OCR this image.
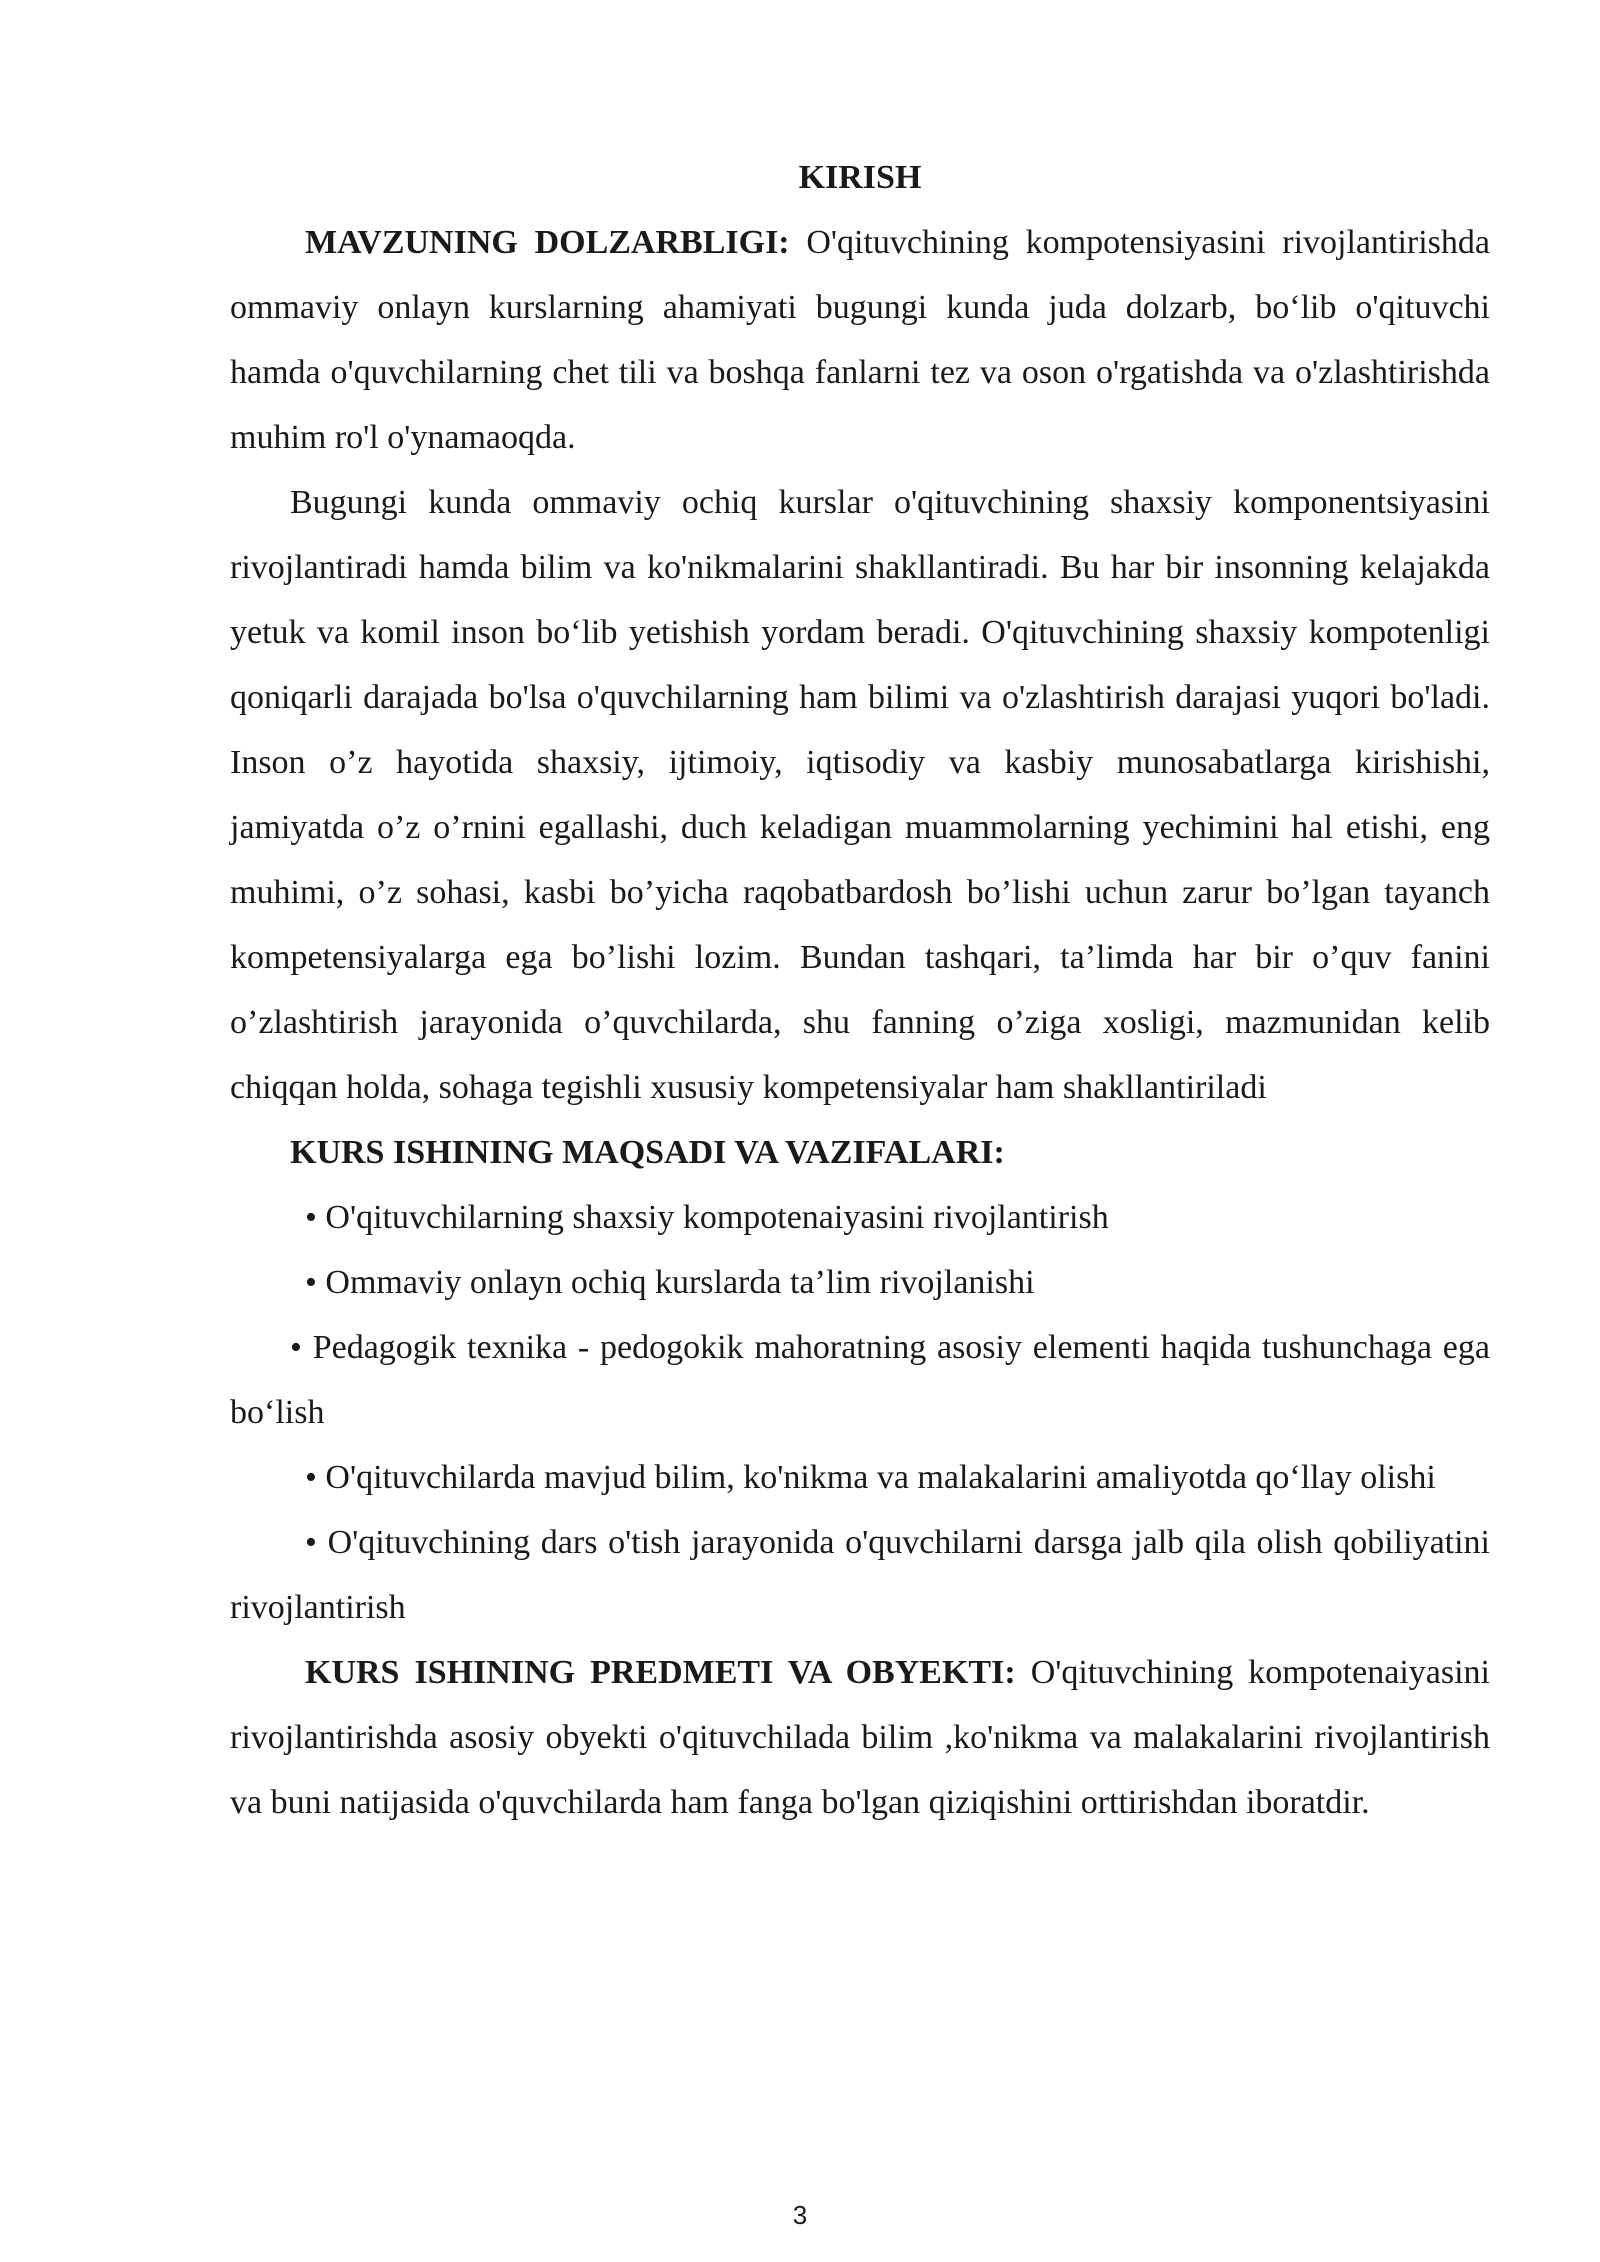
KIRISH

MAVZUNING DOLZARBLIGI: O'qituvchining kompotensiyasini rivojlantirishda ommaviy onlayn kurslarning ahamiyati bugungi kunda juda dolzarb, bo‘lib o'qituvchi hamda o'quvchilarning chet tili va boshqa fanlarni tez va oson o'rgatishda va o'zlashtirishda muhim ro'l o'ynamaoqda.

Bugungi kunda ommaviy ochiq kurslar o'qituvchining shaxsiy komponentsiyasini rivojlantiradi hamda bilim va ko'nikmalarini shakllantiradi. Bu har bir insonning kelajakda yetuk va komil inson bo‘lib yetishish yordam beradi. O'qituvchining shaxsiy kompotenligi qoniqarli darajada bo'lsa o'quvchilarning ham bilimi va o'zlashtirish darajasi yuqori bo'ladi. Inson o’z hayotida shaxsiy, ijtimoiy, iqtisodiy va kasbiy munosabatlarga kirishishi, jamiyatda o’z o’rnini egallashi, duch keladigan muammolarning yechimini hal etishi, eng muhimi, o’z sohasi, kasbi bo’yicha raqobatbardosh bo’lishi uchun zarur bo’lgan tayanch kompetensiyalarga ega bo’lishi lozim. Bundan tashqari, ta’limda har bir o’quv fanini o’zlashtirish jarayonida o’quvchilarda, shu fanning o’ziga xosligi, mazmunidan kelib chiqqan holda, sohaga tegishli xususiy kompetensiyalar ham shakllantiriladi

KURS ISHINING MAQSADI VA VAZIFALARI:

• O'qituvchilarning shaxsiy kompotenaiyasini rivojlantirish

• Ommaviy onlayn ochiq kurslarda ta’lim rivojlanishi

• Pedagogik texnika - pedogokik mahoratning asosiy elementi haqida tushunchaga ega bo‘lish

• O'qituvchilarda mavjud bilim, ko'nikma va malakalarini amaliyotda qo‘llay olishi

• O'qituvchining dars o'tish jarayonida o'quvchilarni darsga jalb qila olish qobiliyatini rivojlantirish

KURS ISHINING PREDMETI VA OBYEKTI: O'qituvchining kompotenaiyasini rivojlantirishda asosiy obyekti o'qituvchilada bilim ,ko'nikma va malakalarini rivojlantirish va buni natijasida o'quvchilarda ham fanga bo'lgan qiziqishini orttirishdan iboratdir.

3
